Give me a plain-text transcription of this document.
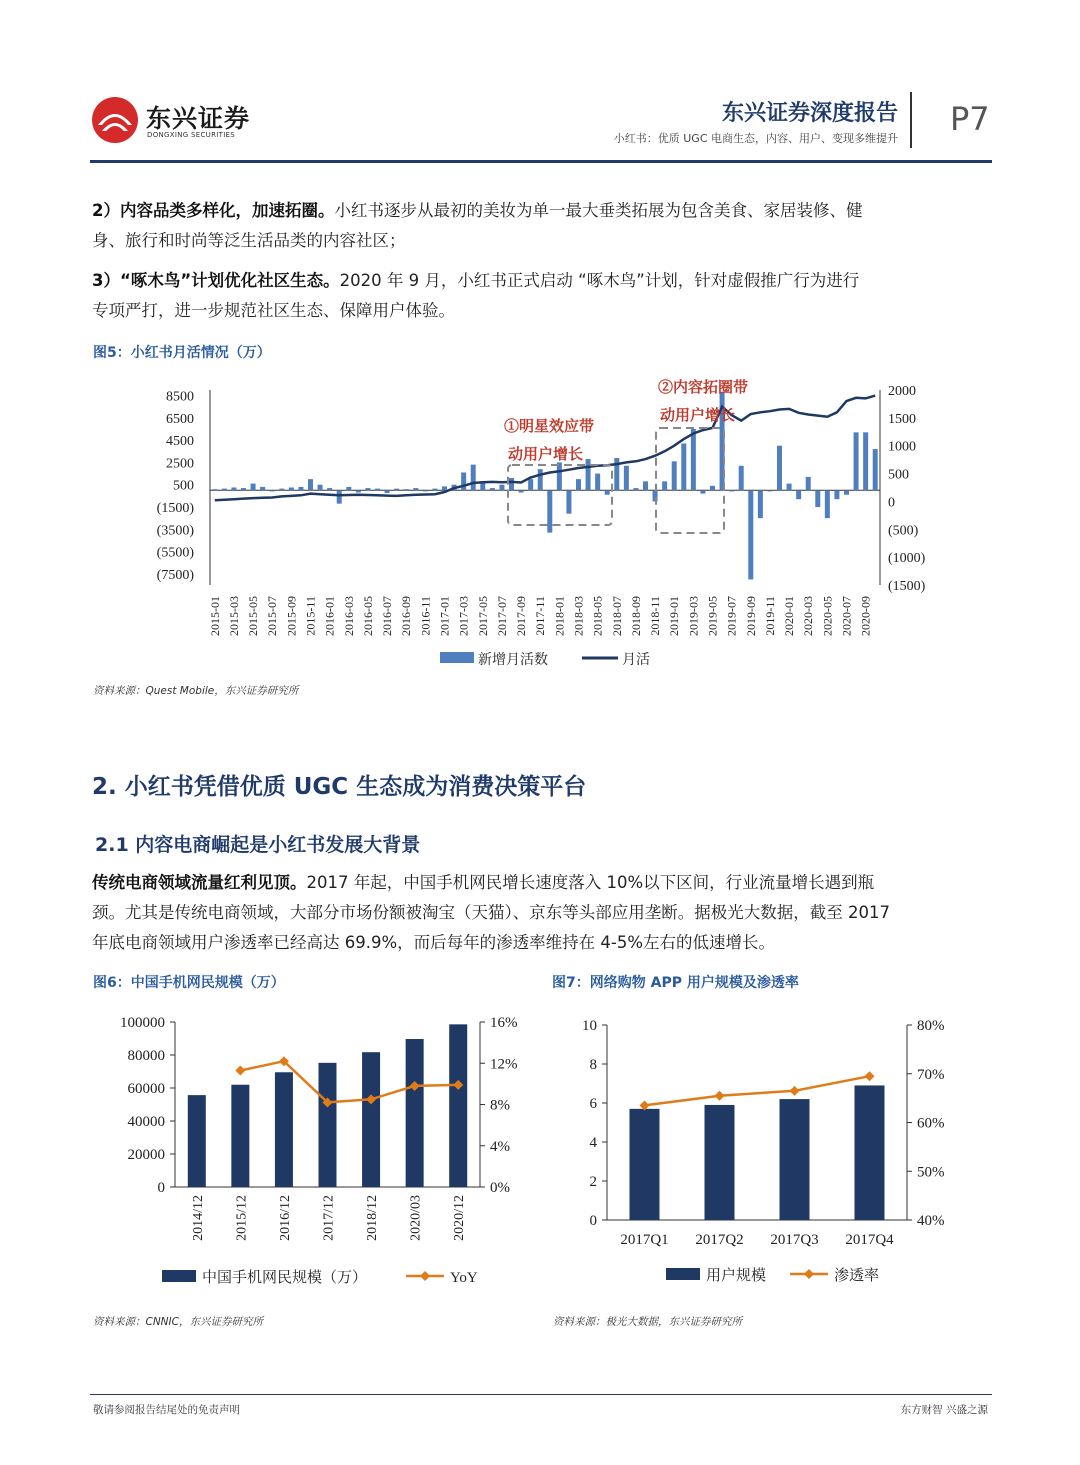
东兴证券
DONGXING SECURITIES
东兴证券深度报告
小红书：优质 UGC 电商生态，内容、用户、变现多维提升
P7
2）内容品类多样化，加速拓圈。小红书逐步从最初的美妆为单一最大垂类拓展为包含美食、家居装修、健
身、旅行和时尚等泛生活品类的内容社区；
3）“啄木鸟”计划优化社区生态。2020 年 9 月，小红书正式启动 “啄木鸟”计划，针对虚假推广行为进行
专项严打，进一步规范社区生态、保障用户体验。
图5：小红书月活情况（万）
8500
6500
4500
2500
500
(1500)
(3500)
(5500)
(7500)
2000
1500
1000
500
0
(500)
(1000)
(1500)
2015-01 2015-03 2015-05 2015-07 2015-09 2015-11 2016-01 2016-03 2016-05 2016-07 2016-09 2016-11 2017-01 2017-03 2017-05 2017-07 2017-09 2017-11 2018-01 2018-03 2018-05 2018-07 2018-09 2018-11 2019-01 2019-03 2019-05 2019-07 2019-09 2019-11 2020-01 2020-03 2020-05 2020-07 2020-09
①明星效应带
动用户增长
②内容拓圈带
动用户增长
新增月活数	月活
资料来源：Quest Mobile，东兴证券研究所
2. 小红书凭借优质 UGC 生态成为消费决策平台
2.1 内容电商崛起是小红书发展大背景
传统电商领域流量红利见顶。2017 年起，中国手机网民增长速度落入 10%以下区间，行业流量增长遇到瓶
颈。尤其是传统电商领域，大部分市场份额被淘宝（天猫）、京东等头部应用垄断。据极光大数据，截至 2017
年底电商领域用户渗透率已经高达 69.9%，而后每年的渗透率维持在 4-5%左右的低速增长。
图6：中国手机网民规模（万）
0
20000
40000
60000
80000
100000
0%
4%
8%
12%
16%
2014/12 2015/12 2016/12 2017/12 2018/12 2020/03 2020/12
中国手机网民规模（万）	YoY
资料来源：CNNIC，东兴证券研究所
图7：网络购物 APP 用户规模及渗透率
0
2
4
6
8
10
40%
50%
60%
70%
80%
2017Q1 2017Q2 2017Q3 2017Q4
用户规模	渗透率
资料来源：极光大数据，东兴证券研究所
敬请参阅报告结尾处的免责声明	东方财智 兴盛之源
